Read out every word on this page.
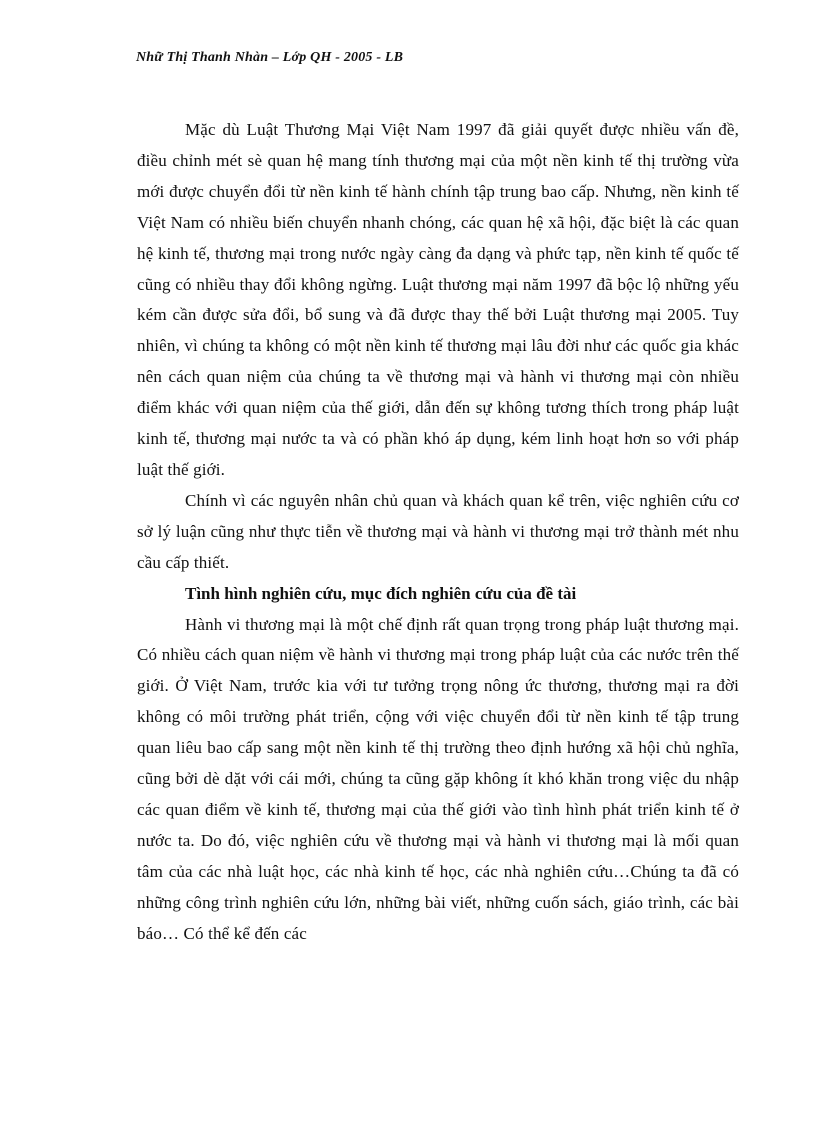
Nhữ Thị Thanh Nhàn – Lớp QH - 2005 - LB

Mặc dù Luật Thương Mại Việt Nam 1997 đã giải quyết được nhiều vấn đề, điều chỉnh mét sè quan hệ mang tính thương mại của một nền kinh tế thị trường vừa mới được chuyển đổi từ nền kinh tế hành chính tập trung bao cấp. Nhưng, nền kinh tế Việt Nam có nhiều biến chuyển nhanh chóng, các quan hệ xã hội, đặc biệt là các quan hệ kinh tế, thương mại trong nước ngày càng đa dạng và phức tạp, nền kinh tế quốc tế cũng có nhiều thay đổi không ngừng. Luật thương mại năm 1997 đã bộc lộ những yếu kém cần được sửa đổi, bổ sung và đã được thay thế bởi Luật thương mại 2005. Tuy nhiên, vì chúng ta không có một nền kinh tế thương mại lâu đời như các quốc gia khác nên cách quan niệm của chúng ta về thương mại và hành vi thương mại còn nhiều điểm khác với quan niệm của thế giới, dẫn đến sự không tương thích trong pháp luật kinh tế, thương mại nước ta và có phần khó áp dụng, kém linh hoạt hơn so với pháp luật thế giới.

Chính vì các nguyên nhân chủ quan và khách quan kể trên, việc nghiên cứu cơ sở lý luận cũng như thực tiễn về thương mại và hành vi thương mại trở thành mét nhu cầu cấp thiết.

Tình hình nghiên cứu, mục đích nghiên cứu của đề tài

Hành vi thương mại là một chế định rất quan trọng trong pháp luật thương mại. Có nhiều cách quan niệm về hành vi thương mại trong pháp luật của các nước trên thế giới. Ở Việt Nam, trước kia với tư tưởng trọng nông ức thương, thương mại ra đời không có môi trường phát triển, cộng với việc chuyển đổi từ nền kinh tế tập trung quan liêu bao cấp sang một nền kinh tế thị trường theo định hướng xã hội chủ nghĩa, cũng bởi dè dặt với cái mới, chúng ta cũng gặp không ít khó khăn trong việc du nhập các quan điểm về kinh tế, thương mại của thế giới vào tình hình phát triển kinh tế ở nước ta. Do đó, việc nghiên cứu về thương mại và hành vi thương mại là mối quan tâm của các nhà luật học, các nhà kinh tế học, các nhà nghiên cứu…Chúng ta đã có những công trình nghiên cứu lớn, những bài viết, những cuốn sách, giáo trình, các bài báo… Có thể kể đến các
